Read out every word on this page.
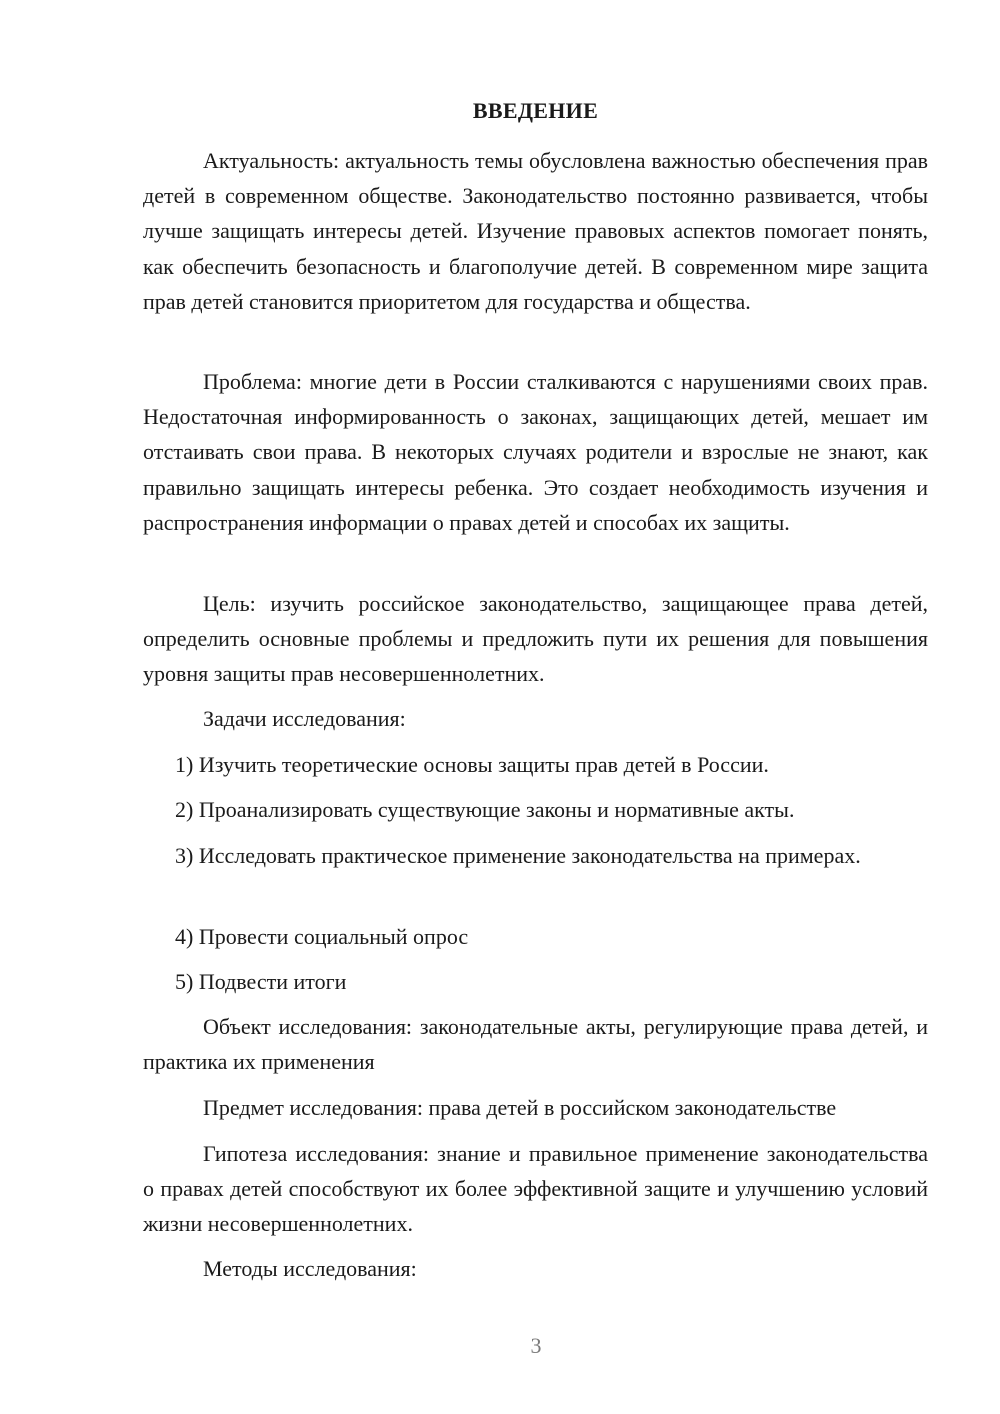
ВВЕДЕНИЕ

Актуальность: актуальность темы обусловлена важностью обеспечения прав детей в современном обществе. Законодательство постоянно развивается, чтобы лучше защищать интересы детей. Изучение правовых аспектов помогает понять, как обеспечить безопасность и благополучие детей. В современном мире защита прав детей становится приоритетом для государства и общества.

Проблема: многие дети в России сталкиваются с нарушениями своих прав. Недостаточная информированность о законах, защищающих детей, мешает им отстаивать свои права. В некоторых случаях родители и взрослые не знают, как правильно защищать интересы ребенка. Это создает необходимость изучения и распространения информации о правах детей и способах их защиты.

Цель: изучить российское законодательство, защищающее права детей, определить основные проблемы и предложить пути их решения для повышения уровня защиты прав несовершеннолетних.

Задачи исследования:

1) Изучить теоретические основы защиты прав детей в России.

2) Проанализировать существующие законы и нормативные акты.

3) Исследовать практическое применение законодательства на примерах.

4) Провести социальный опрос

5) Подвести итоги

Объект исследования: законодательные акты, регулирующие права детей, и практика их применения

Предмет исследования: права детей в российском законодательстве

Гипотеза исследования: знание и правильное применение законодательства о правах детей способствуют их более эффективной защите и улучшению условий жизни несовершеннолетних.

Методы исследования:

3
